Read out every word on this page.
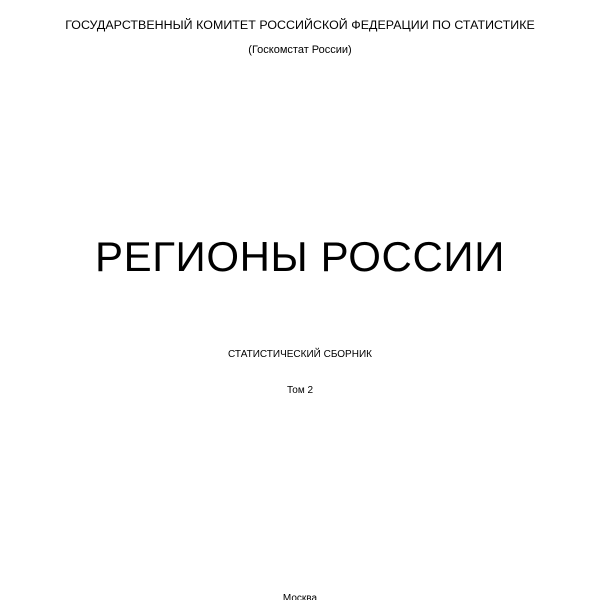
ГОСУДАРСТВЕННЫЙ КОМИТЕТ РОССИЙСКОЙ ФЕДЕРАЦИИ ПО СТАТИСТИКЕ
(Госкомстат России)
РЕГИОНЫ РОССИИ
СТАТИСТИЧЕСКИЙ СБОРНИК
Том 2
Москва
